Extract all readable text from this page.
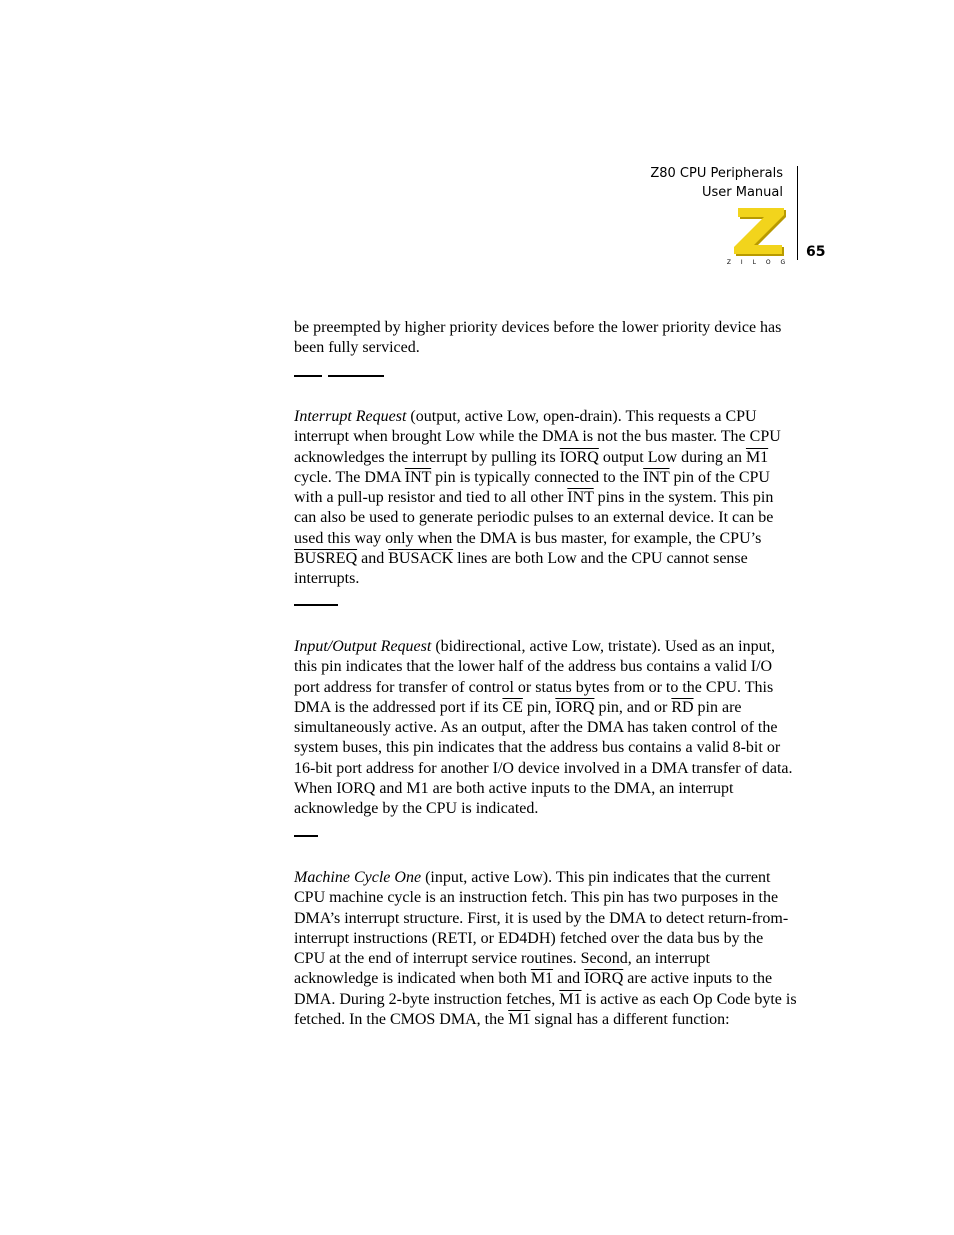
Z80 CPU Peripherals
User Manual
Z I L O G
65

be preempted by higher priority devices before the lower priority device has been fully serviced.

Interrupt Request (output, active Low, open-drain). This requests a CPU interrupt when brought Low while the DMA is not the bus master. The CPU acknowledges the interrupt by pulling its IORQ output Low during an M1 cycle. The DMA $\overline{INT}$ pin is typically connected to the $\overline{INT}$ pin of the CPU with a pull-up resistor and tied to all other $\overline{INT}$ pins in the system. This pin can also be used to generate periodic pulses to an external device. It can be used this way only when the DMA is bus master, for example, the CPU’s BUSREQ and BUSACK lines are both Low and the CPU cannot sense interrupts.

Input/Output Request (bidirectional, active Low, tristate). Used as an input, this pin indicates that the lower half of the address bus contains a valid I/O port address for transfer of control or status bytes from or to the CPU. This DMA is the addressed port if its $\overline{CE}$ pin, IORQ pin, and or $\overline{RD}$ pin are simultaneously active. As an output, after the DMA has taken control of the system buses, this pin indicates that the address bus contains a valid 8-bit or 16-bit port address for another I/O device involved in a DMA transfer of data. When IORQ and M1 are both active inputs to the DMA, an interrupt acknowledge by the CPU is indicated.

Machine Cycle One (input, active Low). This pin indicates that the current CPU machine cycle is an instruction fetch. This pin has two purposes in the DMA’s interrupt structure. First, it is used by the DMA to detect return-from-interrupt instructions (RETI, or ED4DH) fetched over the data bus by the CPU at the end of interrupt service routines. Second, an interrupt acknowledge is indicated when both M1 and IORQ are active inputs to the DMA. During 2-byte instruction fetches, M1 is active as each Op Code byte is fetched. In the CMOS DMA, the M1 signal has a different function:
